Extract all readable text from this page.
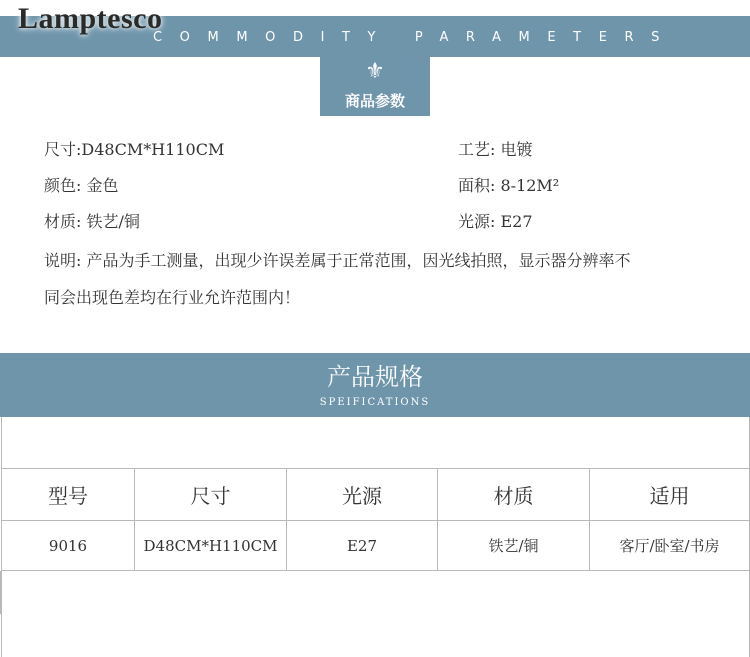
Lamptesco
COMMODITY PARAMETERS
⚜
商品参数
尺寸:D48CM*H110CM	工艺: 电镀
颜色: 金色	面积: 8-12M²
材质: 铁艺/铜	光源: E27
说明: 产品为手工测量，出现少许误差属于正常范围，因光线拍照，显示器分辨率不
同会出现色差均在行业允许范围内！
产品规格
SPEIFICATIONS
型号	尺寸	光源	材质	适用
9016	D48CM*H110CM	E27	铁艺/铜	客厅/卧室/书房
